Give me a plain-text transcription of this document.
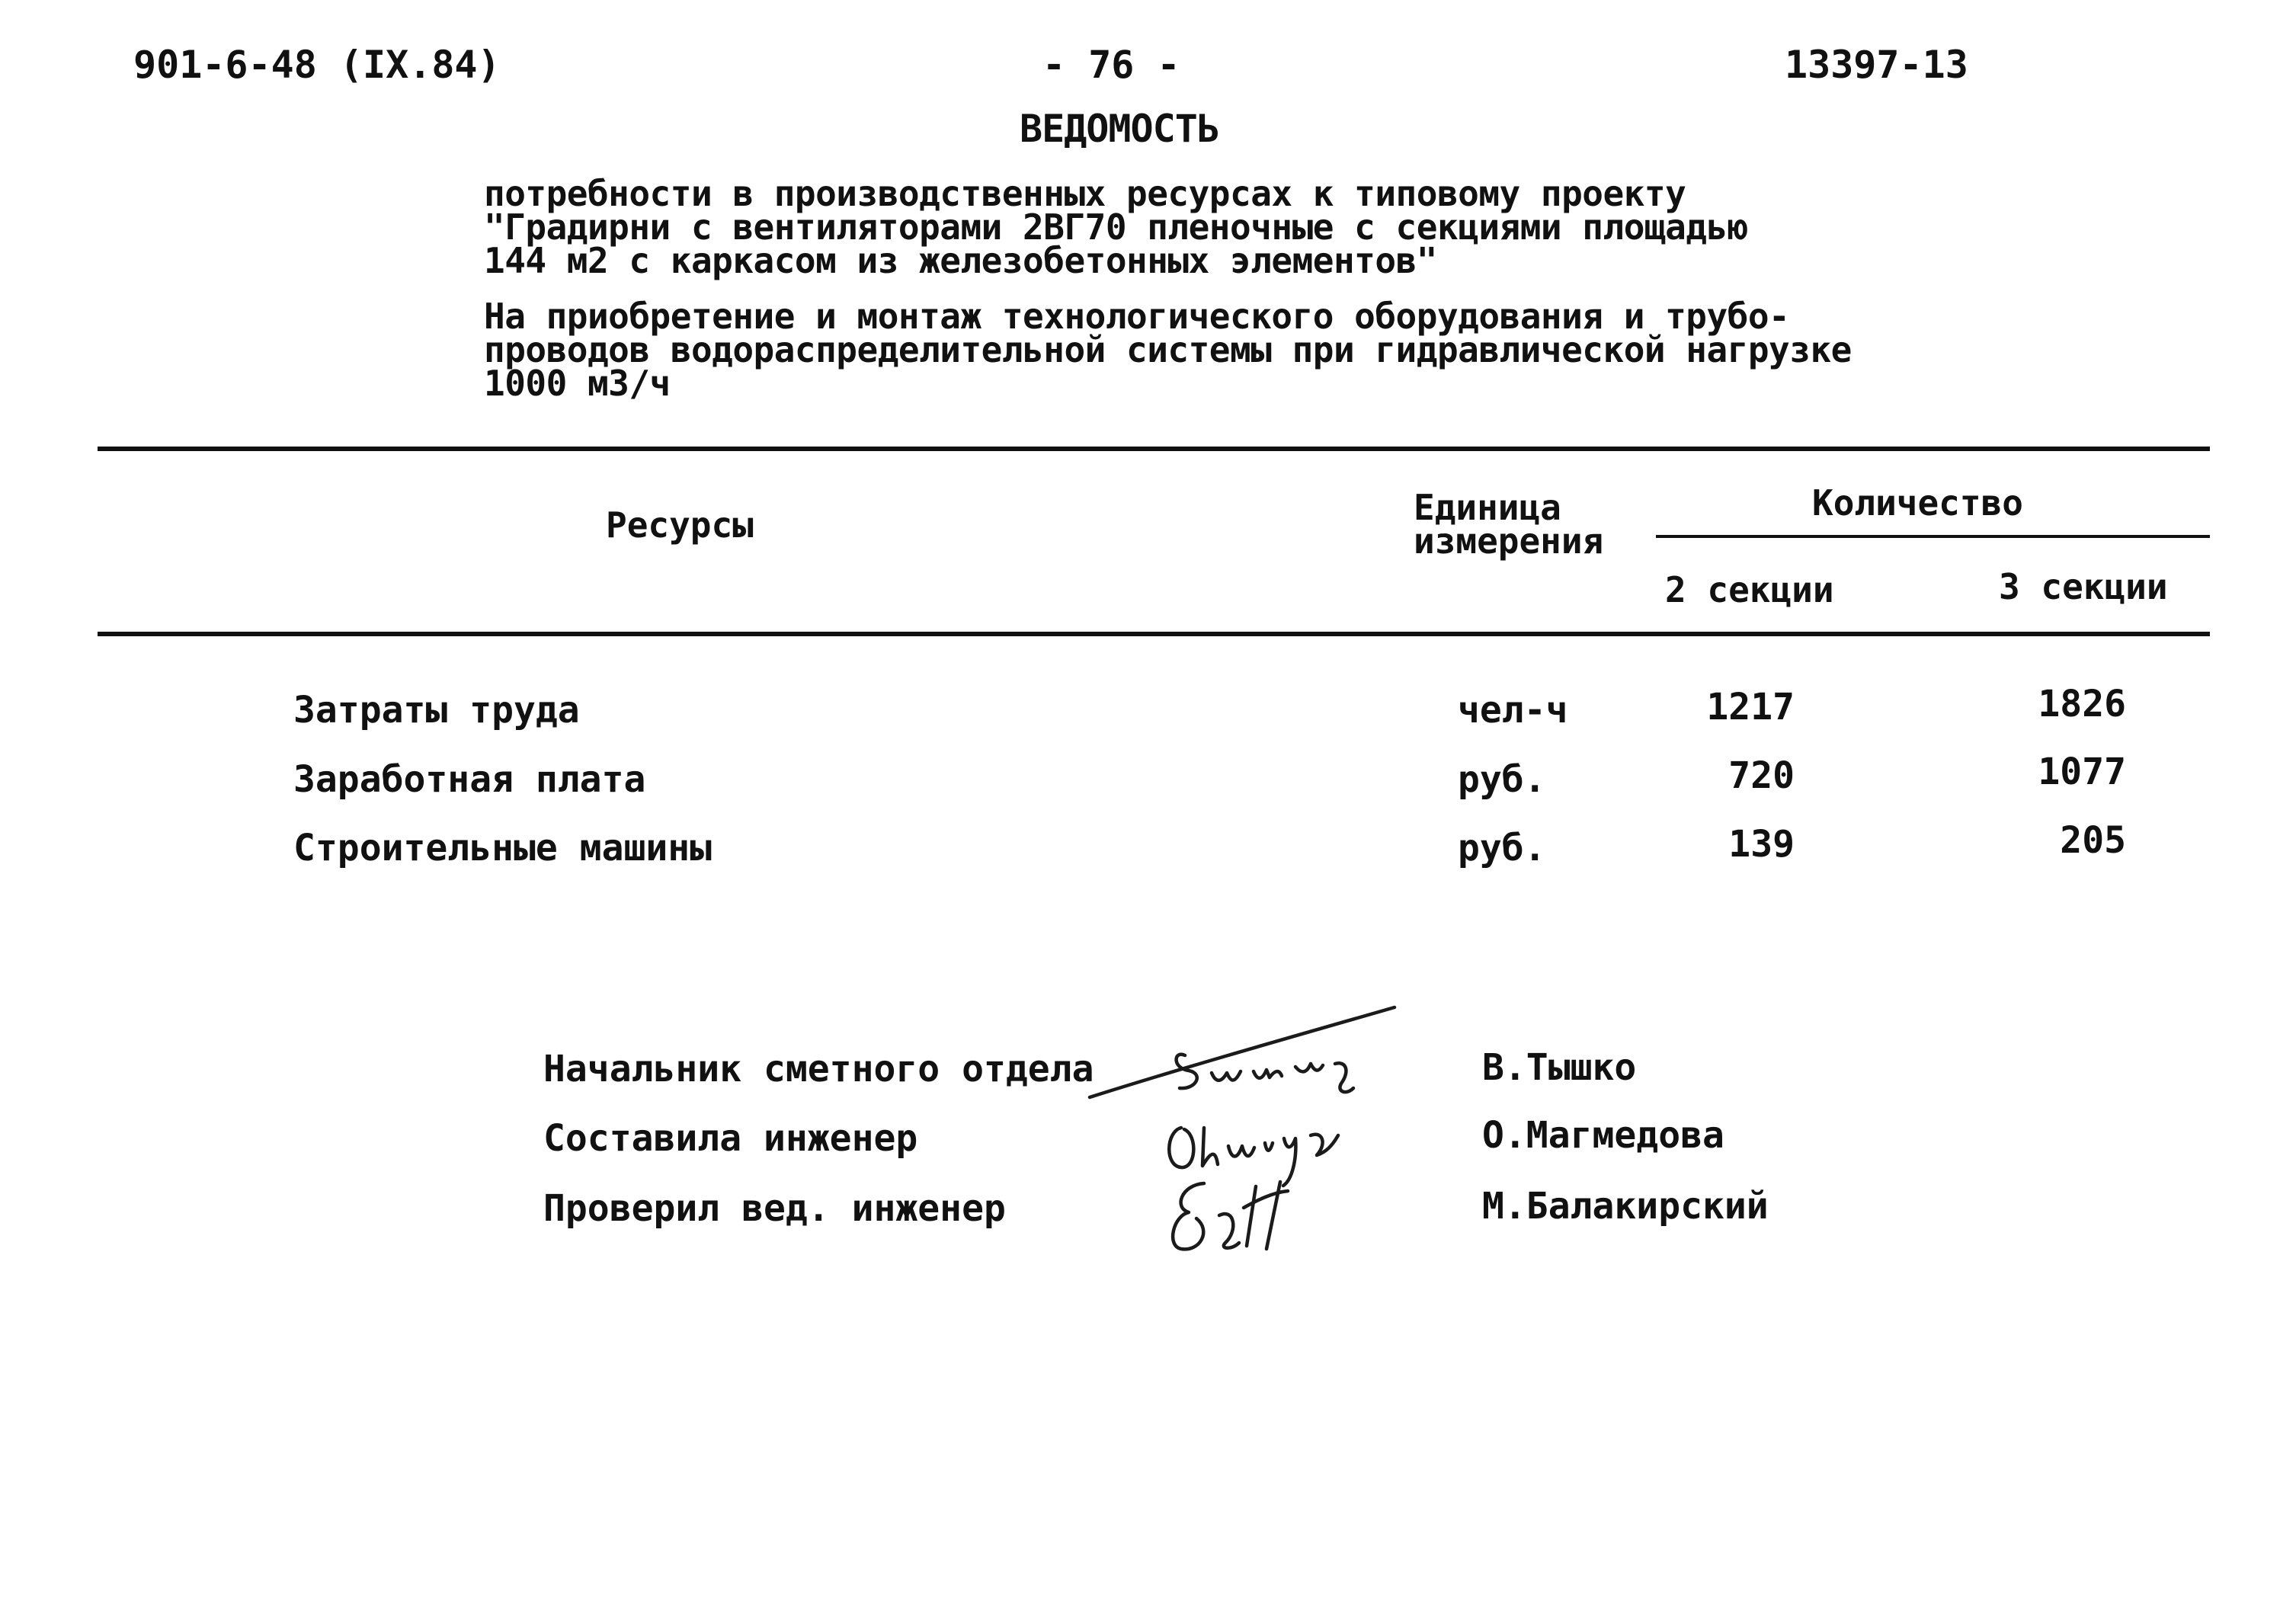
901-6-48 (IX.84)	- 76 -	13397-13
ВЕДОМОСТЬ
потребности в производственных ресурсах к типовому проекту
"Градирни с вентиляторами 2ВГ70 пленочные с секциями площадью
144 м2 с каркасом из железобетонных элементов"
На приобретение и монтаж технологического оборудования и трубо-
проводов водораспределительной системы при гидравлической нагрузке
1000 м3/ч
Ресурсы	Единица
измерения
Количество
2 секции	3 секции
Затраты труда	чел-ч	1217	1826
Заработная плата	руб.	720	1077
Строительные машины	руб.	139	205
Начальник сметного отдела	В.Тышко
Составила инженер	О.Магмедова
Проверил вед. инженер	М.Балакирский
